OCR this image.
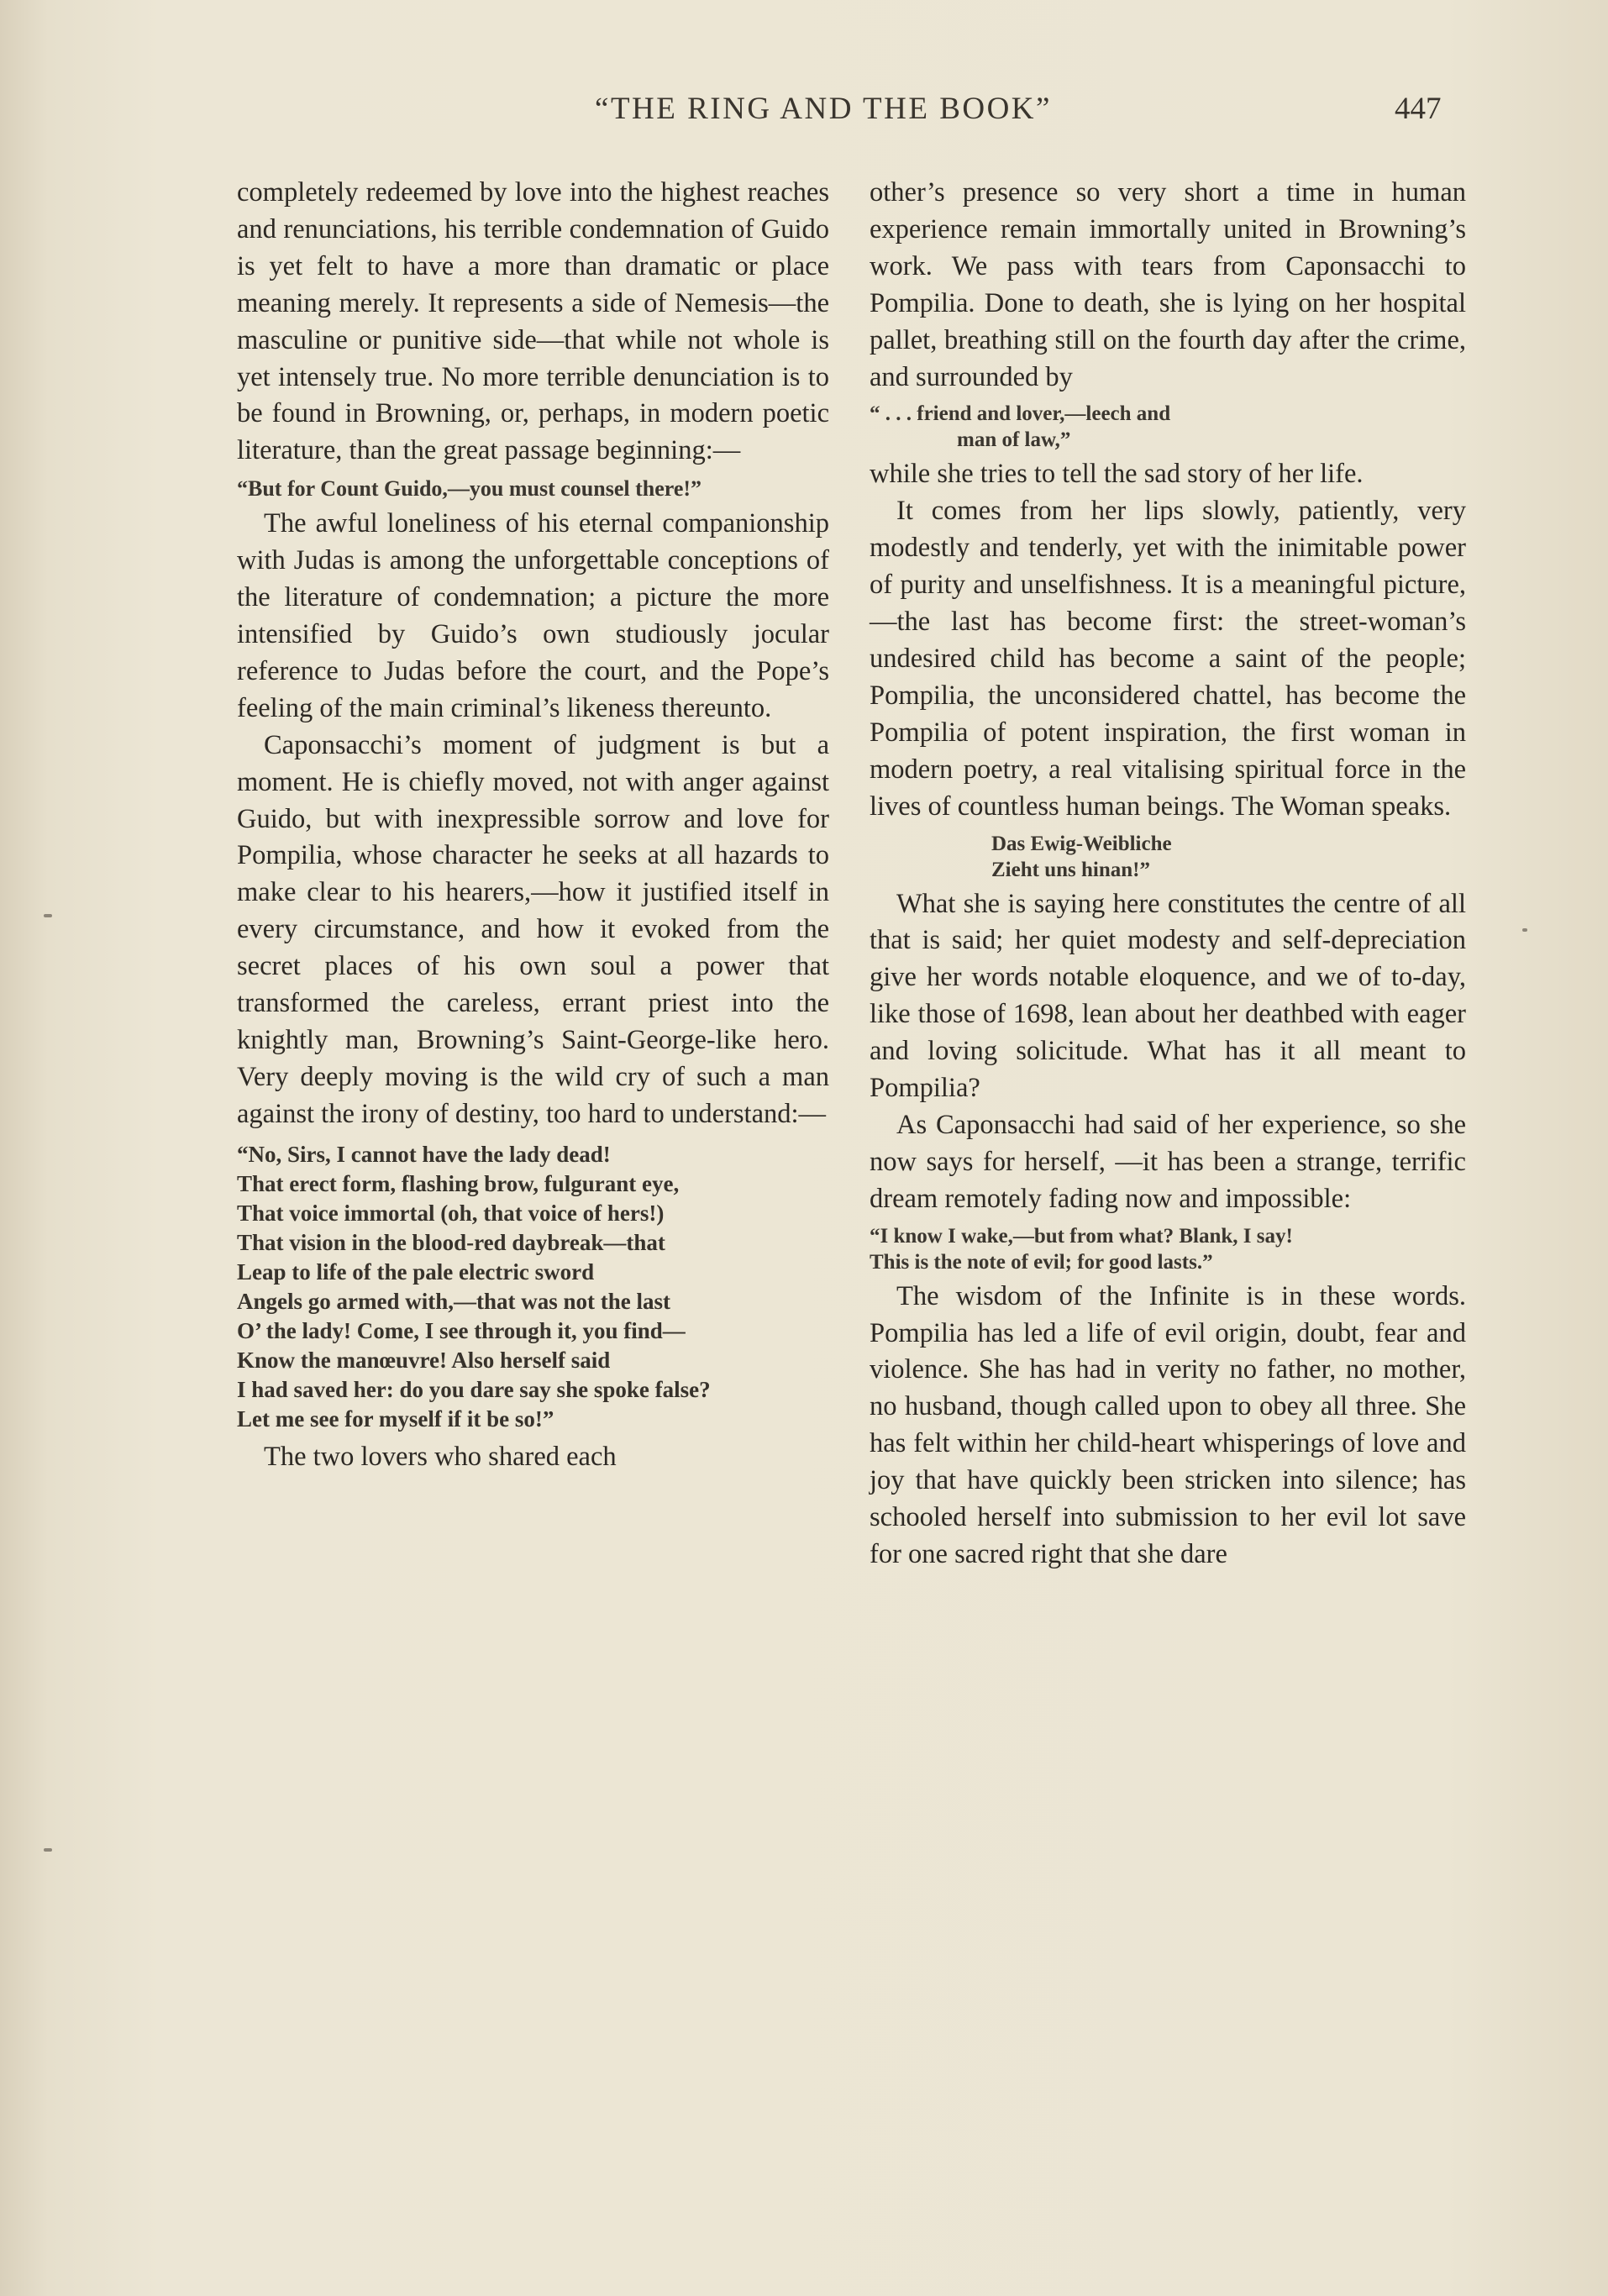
“THE RING AND THE BOOK”	447

completely redeemed by love into the highest reaches and renunciations, his terrible condemnation of Guido is yet felt to have a more than dramatic or place meaning merely. It represents a side of Nemesis—the masculine or punitive side—that while not whole is yet intensely true. No more terrible denunciation is to be found in Browning, or, perhaps, in modern poetic literature, than the great passage beginning:—

“But for Count Guido,—you must counsel there!”

The awful loneliness of his eternal companionship with Judas is among the unforgettable conceptions of the literature of condemnation; a picture the more intensified by Guido’s own studiously jocular reference to Judas before the court, and the Pope’s feeling of the main criminal’s likeness thereunto.

Caponsacchi’s moment of judgment is but a moment. He is chiefly moved, not with anger against Guido, but with inexpressible sorrow and love for Pompilia, whose character he seeks at all hazards to make clear to his hearers,—how it justified itself in every circumstance, and how it evoked from the secret places of his own soul a power that transformed the careless, errant priest into the knightly man, Browning’s Saint-George-like hero. Very deeply moving is the wild cry of such a man against the irony of destiny, too hard to understand:—

“No, Sirs, I cannot have the lady dead!
That erect form, flashing brow, fulgurant eye,
That voice immortal (oh, that voice of hers!)
That vision in the blood-red daybreak—that
Leap to life of the pale electric sword
Angels go armed with,—that was not the last
O’ the lady! Come, I see through it, you find—
Know the manœuvre! Also herself said
I had saved her: do you dare say she spoke false?
Let me see for myself if it be so!”

The two lovers who shared each

other’s presence so very short a time in human experience remain immortally united in Browning’s work. We pass with tears from Caponsacchi to Pompilia. Done to death, she is lying on her hospital pallet, breathing still on the fourth day after the crime, and surrounded by

“ . . . friend and lover,—leech and
man of law,”

while she tries to tell the sad story of her life.

It comes from her lips slowly, patiently, very modestly and tenderly, yet with the inimitable power of purity and unselfishness. It is a meaningful picture,—the last has become first: the street-woman’s undesired child has become a saint of the people; Pompilia, the unconsidered chattel, has become the Pompilia of potent inspiration, the first woman in modern poetry, a real vitalising spiritual force in the lives of countless human beings. The Woman speaks.

Das Ewig-Weibliche
Zieht uns hinan!”

What she is saying here constitutes the centre of all that is said; her quiet modesty and self-depreciation give her words notable eloquence, and we of to-day, like those of 1698, lean about her deathbed with eager and loving solicitude. What has it all meant to Pompilia?

As Caponsacchi had said of her experience, so she now says for herself, —it has been a strange, terrific dream remotely fading now and impossible:

“I know I wake,—but from what? Blank, I say!
This is the note of evil; for good lasts.”

The wisdom of the Infinite is in these words. Pompilia has led a life of evil origin, doubt, fear and violence. She has had in verity no father, no mother, no husband, though called upon to obey all three. She has felt within her child-heart whisperings of love and joy that have quickly been stricken into silence; has schooled herself into submission to her evil lot save for one sacred right that she dare
